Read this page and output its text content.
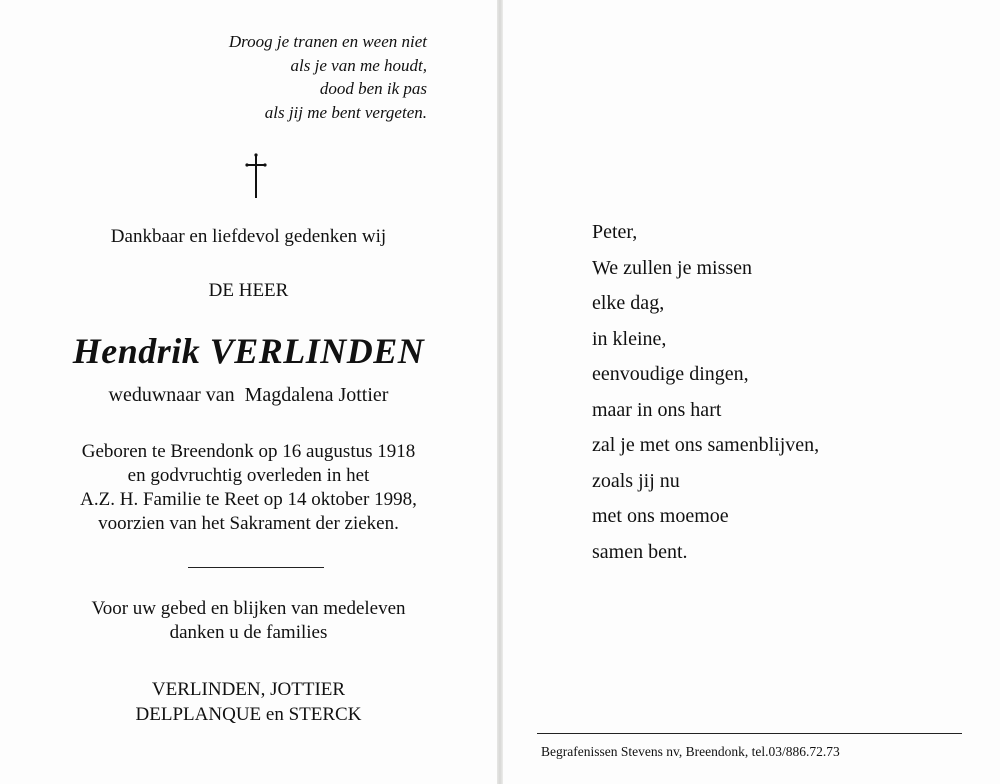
Droog je tranen en ween niet
als je van me houdt,
dood ben ik pas
als jij me bent vergeten.
Dankbaar en liefdevol gedenken wij
DE HEER
Hendrik VERLINDEN
weduwnaar van  Magdalena Jottier
Geboren te Breendonk op 16 augustus 1918
en godvruchtig overleden in het
A.Z. H. Familie te Reet op 14 oktober 1998,
voorzien van het Sakrament der zieken.
Voor uw gebed en blijken van medeleven
danken u de families
VERLINDEN, JOTTIER
DELPLANQUE en STERCK
Peter,
We zullen je missen
elke dag,
in kleine,
eenvoudige dingen,
maar in ons hart
zal je met ons samenblijven,
zoals jij nu
met ons moemoe
samen bent.
Begrafenissen Stevens nv, Breendonk, tel.03/886.72.73
